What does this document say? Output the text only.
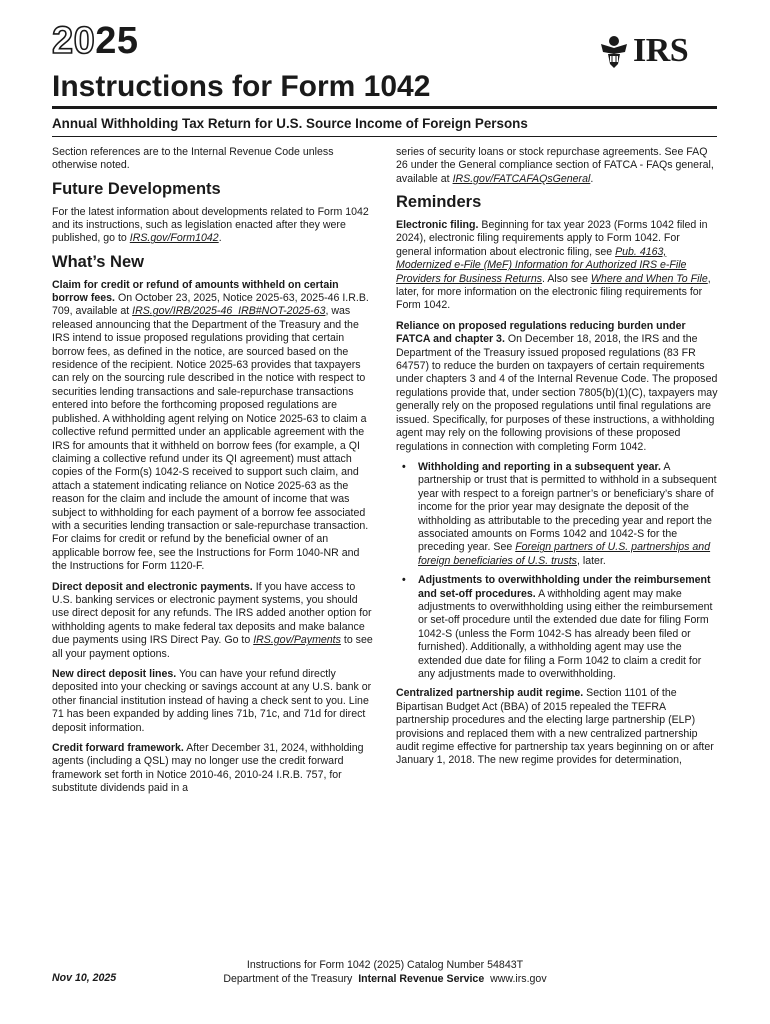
2025	IRS
Instructions for Form 1042
Annual Withholding Tax Return for U.S. Source Income of Foreign Persons

Section references are to the Internal Revenue Code unless otherwise noted.

Future Developments

For the latest information about developments related to Form 1042 and its instructions, such as legislation enacted after they were published, go to IRS.gov/Form1042.

What’s New

Claim for credit or refund of amounts withheld on certain borrow fees. On October 23, 2025, Notice 2025-63, 2025-46 I.R.B. 709, available at IRS.gov/IRB/2025-46_IRB#NOT-2025-63, was released announcing that the Department of the Treasury and the IRS intend to issue proposed regulations providing that certain borrow fees, as defined in the notice, are sourced based on the residence of the recipient. Notice 2025-63 provides that taxpayers can rely on the sourcing rule described in the notice with respect to securities lending transactions and sale-repurchase transactions entered into before the forthcoming proposed regulations are published. A withholding agent relying on Notice 2025-63 to claim a collective refund permitted under an applicable agreement with the IRS for amounts that it withheld on borrow fees (for example, a QI claiming a collective refund under its QI agreement) must attach copies of the Form(s) 1042-S received to support such claim, and attach a statement indicating reliance on Notice 2025-63 as the reason for the claim and include the amount of income that was subject to withholding for each payment of a borrow fee associated with a securities lending transaction or sale-repurchase transaction. For claims for credit or refund by the beneficial owner of an applicable borrow fee, see the Instructions for Form 1040-NR and the Instructions for Form 1120-F.

Direct deposit and electronic payments. If you have access to U.S. banking services or electronic payment systems, you should use direct deposit for any refunds. The IRS added another option for withholding agents to make federal tax deposits and make balance due payments using IRS Direct Pay. Go to IRS.gov/Payments to see all your payment options.

New direct deposit lines. You can have your refund directly deposited into your checking or savings account at any U.S. bank or other financial institution instead of having a check sent to you. Line 71 has been expanded by adding lines 71b, 71c, and 71d for direct deposit information.

Credit forward framework. After December 31, 2024, withholding agents (including a QSL) may no longer use the credit forward framework set forth in Notice 2010-46, 2010-24 I.R.B. 757, for substitute dividends paid in a

series of security loans or stock repurchase agreements. See FAQ 26 under the General compliance section of FATCA - FAQs general, available at IRS.gov/FATCAFAQsGeneral.

Reminders

Electronic filing. Beginning for tax year 2023 (Forms 1042 filed in 2024), electronic filing requirements apply to Form 1042. For general information about electronic filing, see Pub. 4163, Modernized e-File (MeF) Information for Authorized IRS e-File Providers for Business Returns. Also see Where and When To File, later, for more information on the electronic filing requirements for Form 1042.

Reliance on proposed regulations reducing burden under FATCA and chapter 3. On December 18, 2018, the IRS and the Department of the Treasury issued proposed regulations (83 FR 64757) to reduce the burden on taxpayers of certain requirements under chapters 3 and 4 of the Internal Revenue Code. The proposed regulations provide that, under section 7805(b)(1)(C), taxpayers may generally rely on the proposed regulations until final regulations are issued. Specifically, for purposes of these instructions, a withholding agent may rely on the following provisions of these proposed regulations in connection with completing Form 1042.

• Withholding and reporting in a subsequent year. A partnership or trust that is permitted to withhold in a subsequent year with respect to a foreign partner’s or beneficiary’s share of income for the prior year may designate the deposit of the withholding as attributable to the preceding year and report the associated amounts on Forms 1042 and 1042-S for the preceding year. See Foreign partners of U.S. partnerships and foreign beneficiaries of U.S. trusts, later.
• Adjustments to overwithholding under the reimbursement and set-off procedures. A withholding agent may make adjustments to overwithholding using either the reimbursement or set-off procedure until the extended due date for filing Form 1042-S (unless the Form 1042-S has already been filed or furnished). Additionally, a withholding agent may use the extended due date for filing a Form 1042 to claim a credit for any adjustments made to overwithholding.

Centralized partnership audit regime. Section 1101 of the Bipartisan Budget Act (BBA) of 2015 repealed the TEFRA partnership procedures and the electing large partnership (ELP) provisions and replaced them with a new centralized partnership audit regime effective for partnership tax years beginning on or after January 1, 2018. The new regime provides for determination,

Nov 10, 2025
Instructions for Form 1042 (2025) Catalog Number 54843T
Department of the Treasury Internal Revenue Service www.irs.gov
